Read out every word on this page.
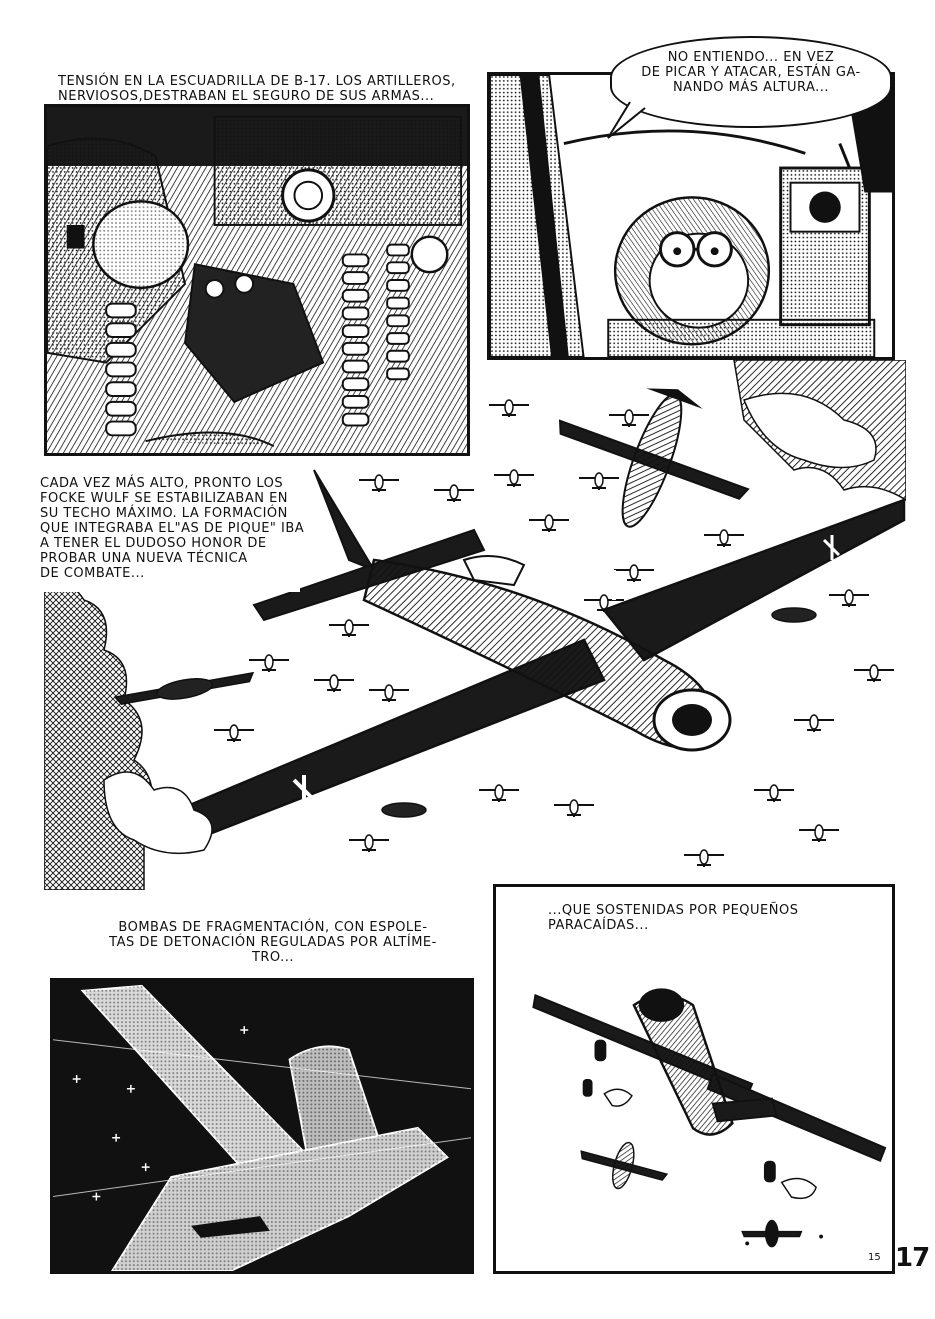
TENSIÓN EN LA ESCUADRILLA DE B-17. LOS ARTILLEROS,
NERVIOSOS,DESTRABAN EL SEGURO DE SUS ARMAS...
NO ENTIENDO... EN VEZ
DE PICAR Y ATACAR, ESTÁN GA-
NANDO MÁS ALTURA...
CADA VEZ MÁS ALTO, PRONTO LOS
FOCKE WULF SE ESTABILIZABAN EN
SU TECHO MÁXIMO. LA FORMACIÓN
QUE INTEGRABA EL"AS DE PIQUE" IBA
A TENER EL DUDOSO HONOR DE
PROBAR UNA NUEVA TÉCNICA
DE COMBATE...
BOMBAS DE FRAGMENTACIÓN, CON ESPOLE-
TAS DE DETONACIÓN REGULADAS POR ALTÍME-
TRO...
...QUE SOSTENIDAS POR PEQUEÑOS
PARACAÍDAS...
15 17
